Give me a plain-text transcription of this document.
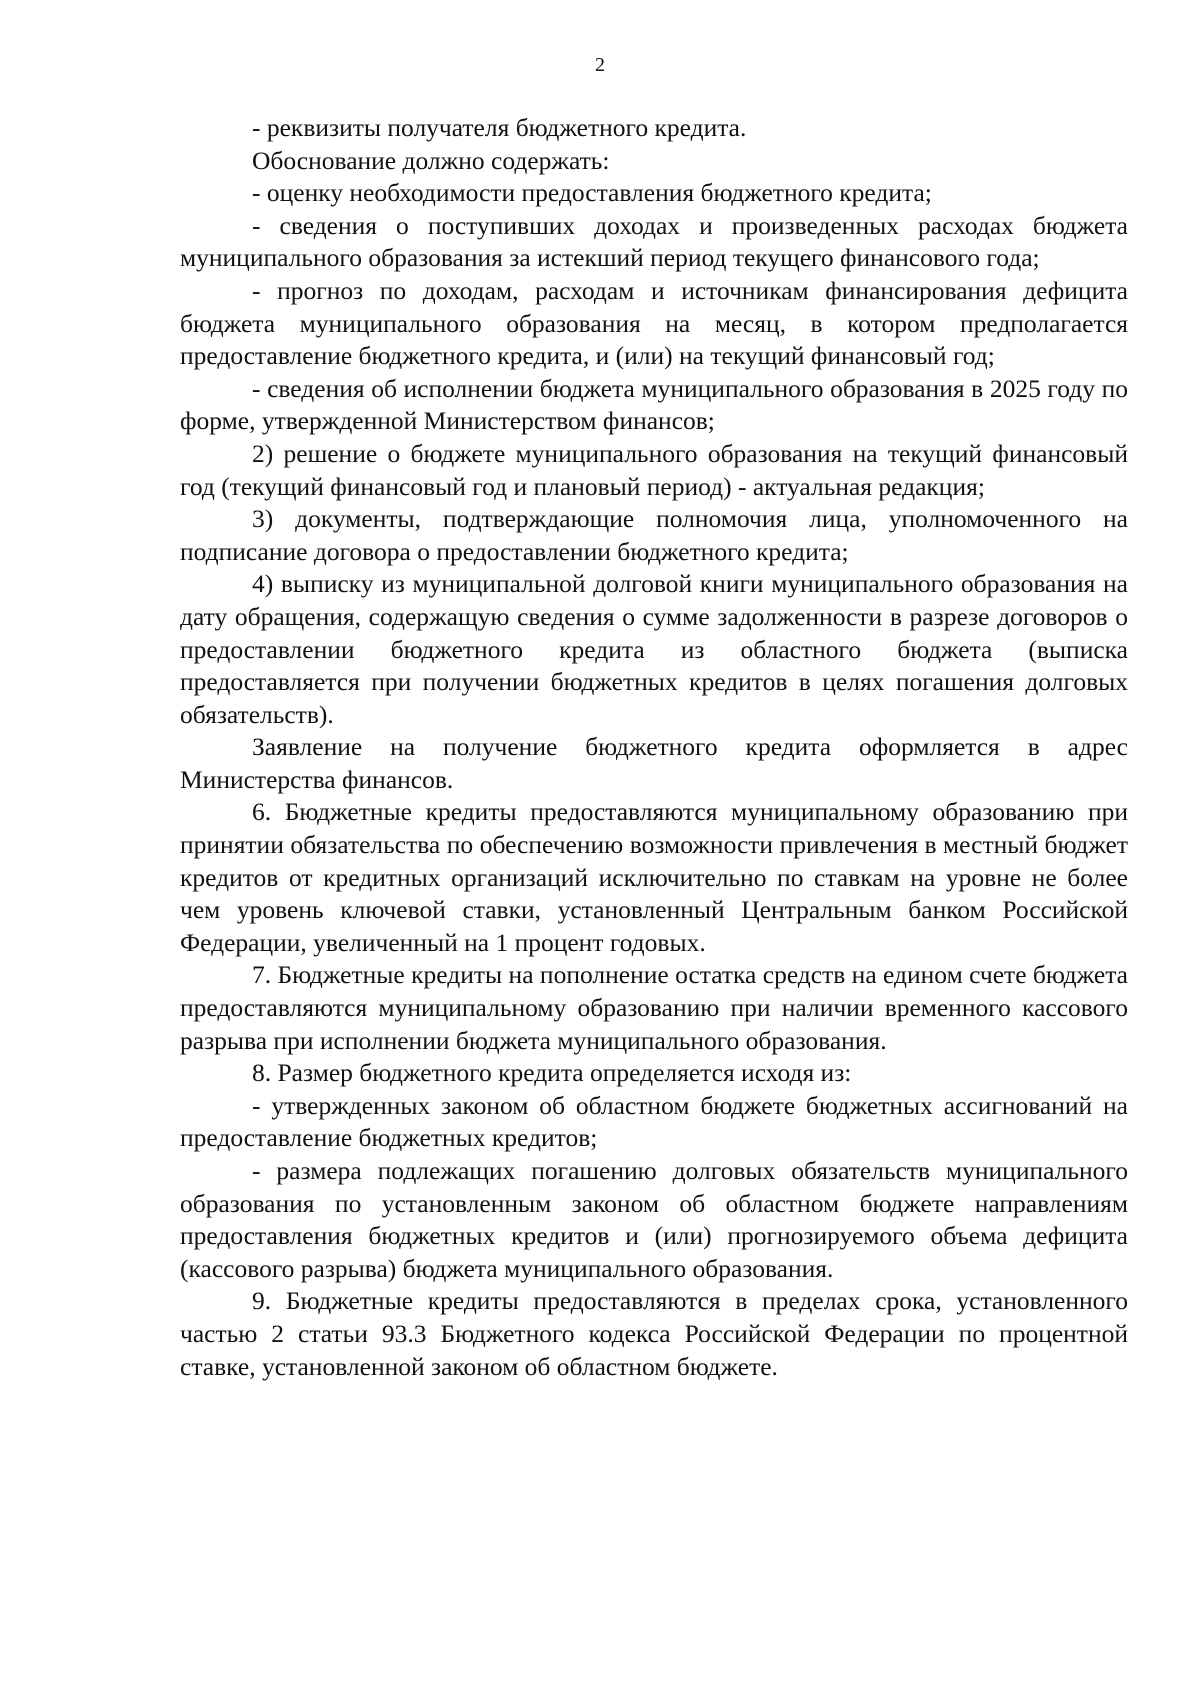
2

- реквизиты получателя бюджетного кредита.

Обоснование должно содержать:

- оценку необходимости предоставления бюджетного кредита;

- сведения о поступивших доходах и произведенных расходах бюджета муниципального образования за истекший период текущего финансового года;

- прогноз по доходам, расходам и источникам финансирования дефицита бюджета муниципального образования на месяц, в котором предполагается предоставление бюджетного кредита, и (или) на текущий финансовый год;

- сведения об исполнении бюджета муниципального образования в 2025 году по форме, утвержденной Министерством финансов;

2) решение о бюджете муниципального образования на текущий финансовый год (текущий финансовый год и плановый период) - актуальная редакция;

3) документы, подтверждающие полномочия лица, уполномоченного на подписание договора о предоставлении бюджетного кредита;

4) выписку из муниципальной долговой книги муниципального образования на дату обращения, содержащую сведения о сумме задолженности в разрезе договоров о предоставлении бюджетного кредита из областного бюджета (выписка предоставляется при получении бюджетных кредитов в целях погашения долговых обязательств).

Заявление на получение бюджетного кредита оформляется в адрес Министерства финансов.

6. Бюджетные кредиты предоставляются муниципальному образованию при принятии обязательства по обеспечению возможности привлечения в местный бюджет кредитов от кредитных организаций исключительно по ставкам на уровне не более чем уровень ключевой ставки, установленный Центральным банком Российской Федерации, увеличенный на 1 процент годовых.

7. Бюджетные кредиты на пополнение остатка средств на едином счете бюджета предоставляются муниципальному образованию при наличии временного кассового разрыва при исполнении бюджета муниципального образования.

8. Размер бюджетного кредита определяется исходя из:

- утвержденных законом об областном бюджете бюджетных ассигнований на предоставление бюджетных кредитов;

- размера подлежащих погашению долговых обязательств муниципального образования по установленным законом об областном бюджете направлениям предоставления бюджетных кредитов и (или) прогнозируемого объема дефицита (кассового разрыва) бюджета муниципального образования.

9. Бюджетные кредиты предоставляются в пределах срока, установленного частью 2 статьи 93.3 Бюджетного кодекса Российской Федерации по процентной ставке, установленной законом об областном бюджете.
